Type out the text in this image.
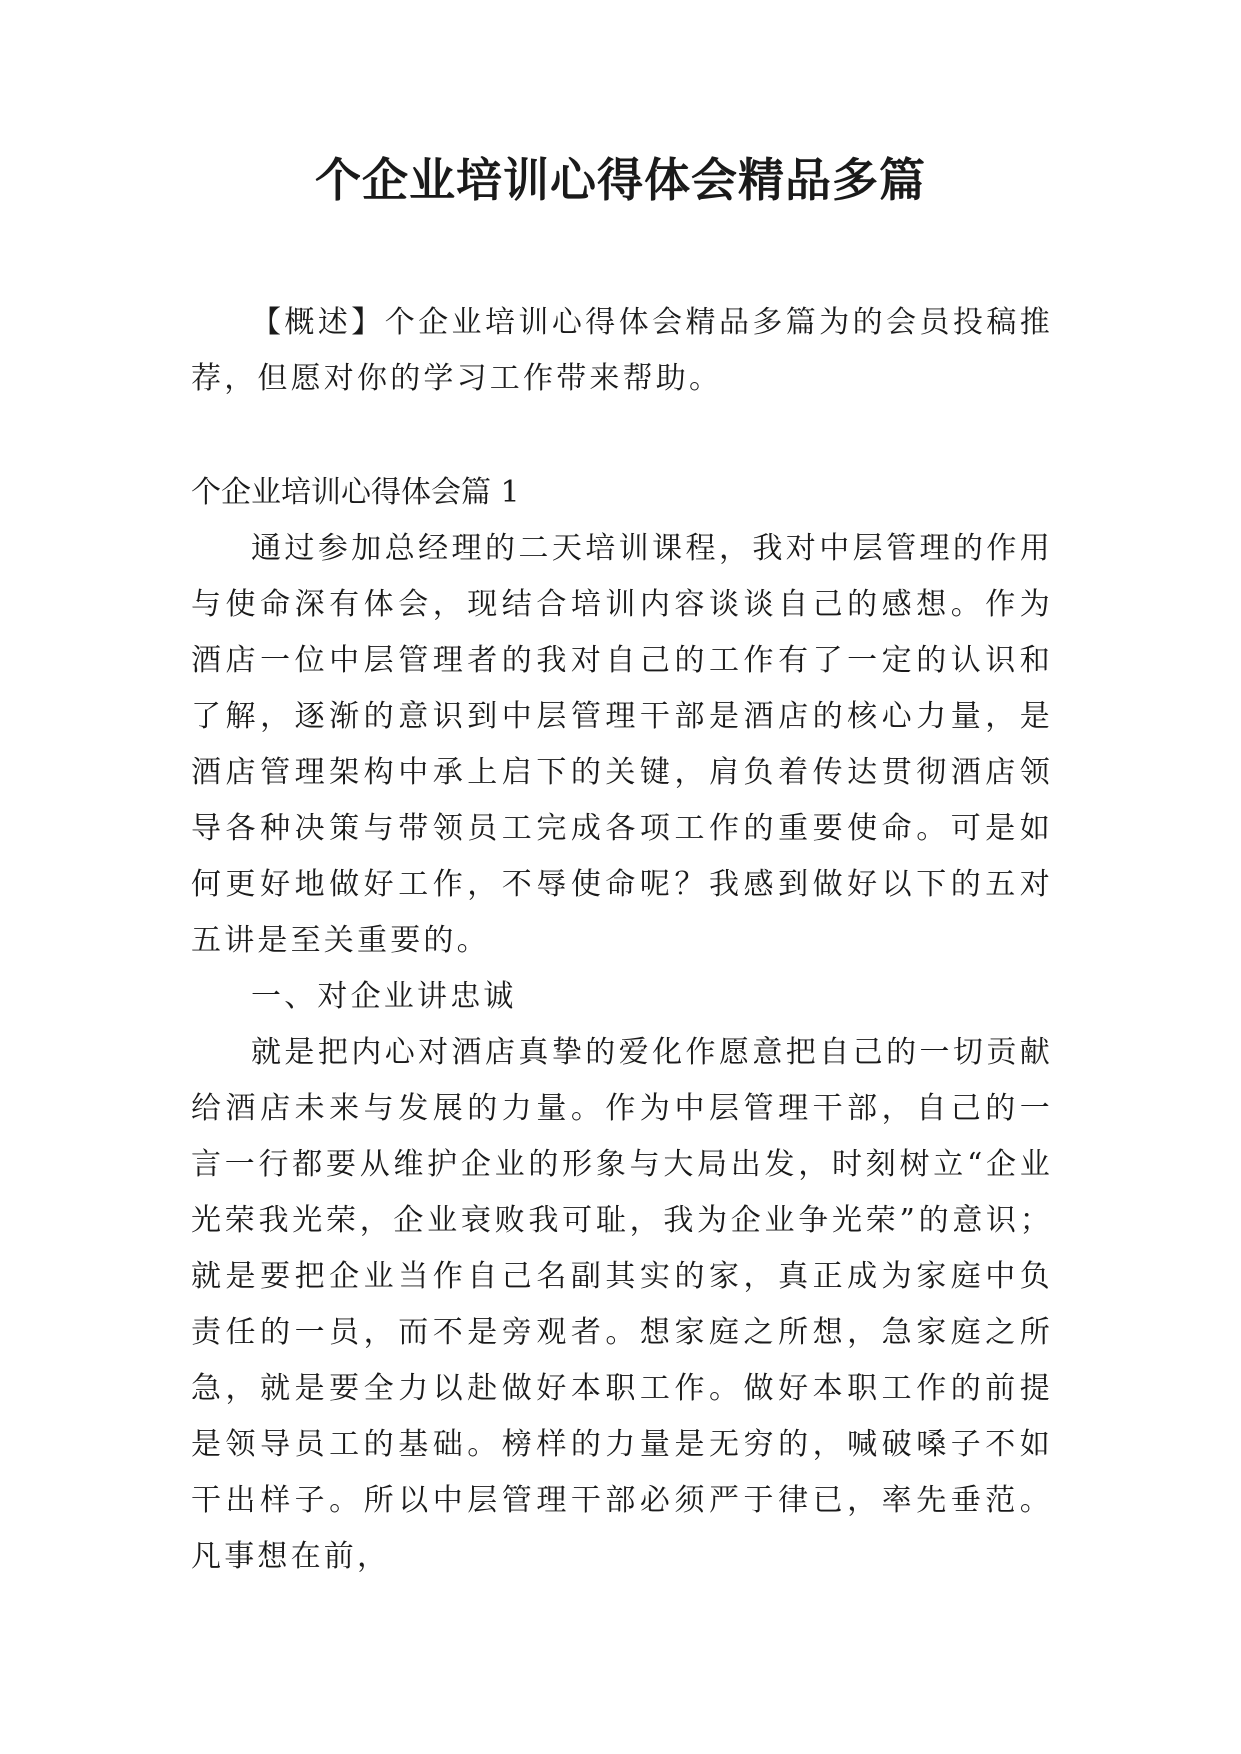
个企业培训心得体会精品多篇

【概述】个企业培训心得体会精品多篇为的会员投稿推荐，但愿对你的学习工作带来帮助。

个企业培训心得体会篇 1

通过参加总经理的二天培训课程，我对中层管理的作用与使命深有体会，现结合培训内容谈谈自己的感想。作为酒店一位中层管理者的我对自己的工作有了一定的认识和了解，逐渐的意识到中层管理干部是酒店的核心力量，是酒店管理架构中承上启下的关键，肩负着传达贯彻酒店领导各种决策与带领员工完成各项工作的重要使命。可是如何更好地做好工作，不辱使命呢？我感到做好以下的五对五讲是至关重要的。

一、对企业讲忠诚

就是把内心对酒店真挚的爱化作愿意把自己的一切贡献给酒店未来与发展的力量。作为中层管理干部，自己的一言一行都要从维护企业的形象与大局出发，时刻树立“企业光荣我光荣，企业衰败我可耻，我为企业争光荣”的意识；就是要把企业当作自己名副其实的家，真正成为家庭中负责任的一员，而不是旁观者。想家庭之所想，急家庭之所急，就是要全力以赴做好本职工作。做好本职工作的前提是领导员工的基础。榜样的力量是无穷的，喊破嗓子不如干出样子。所以中层管理干部必须严于律已，率先垂范。凡事想在前，
